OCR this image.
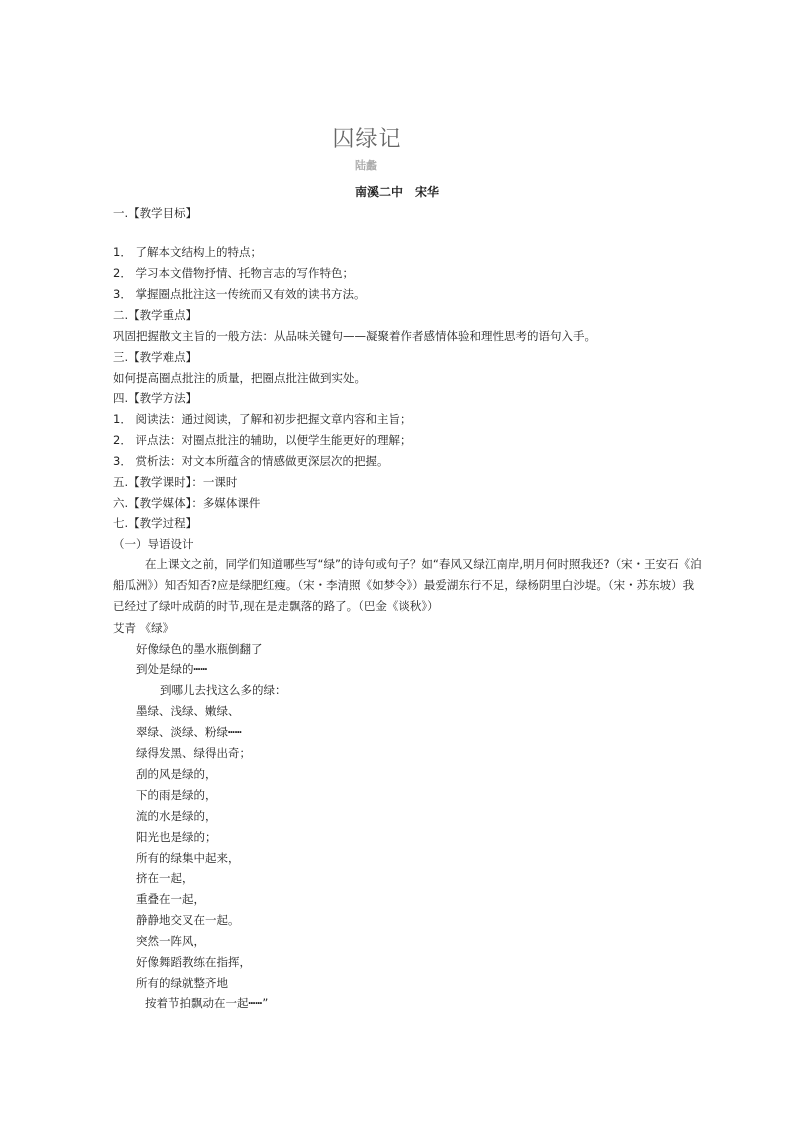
囚绿记
陆蠡
南溪二中　宋华
一.【教学目标】
1． 了解本文结构上的特点；
2． 学习本文借物抒情、托物言志的写作特色；
3． 掌握圈点批注这一传统而又有效的读书方法。
二.【教学重点】
巩固把握散文主旨的一般方法：从品味关键句——凝聚着作者感情体验和理性思考的语句入手。
三.【教学难点】
如何提高圈点批注的质量，把圈点批注做到实处。
四.【教学方法】
1． 阅读法：通过阅读，了解和初步把握文章内容和主旨；
2． 评点法：对圈点批注的辅助，以便学生能更好的理解；
3． 赏析法：对文本所蕴含的情感做更深层次的把握。
五.【教学课时】：一课时
六.【教学媒体】：多媒体课件
七.【教学过程】
（一）导语设计
在上课文之前，同学们知道哪些写“绿”的诗句或句子？如“春风又绿江南岸,明月何时照我还?（宋・王安石《泊船瓜洲》）知否知否?应是绿肥红瘦。（宋・李清照《如梦令》）最爱湖东行不足，绿杨阴里白沙堤。（宋・苏东坡）我已经过了绿叶成荫的时节,现在是走飘落的路了。（巴金《谈秋》）
艾青 《绿》
好像绿色的墨水瓶倒翻了
到处是绿的┅┅
到哪儿去找这么多的绿：
墨绿、浅绿、嫩绿、
翠绿、淡绿、粉绿┅┅
绿得发黑、绿得出奇；
刮的风是绿的，
下的雨是绿的，
流的水是绿的，
阳光也是绿的；
所有的绿集中起来，
挤在一起，
重叠在一起，
静静地交叉在一起。
突然一阵风，
好像舞蹈教练在指挥，
所有的绿就整齐地
按着节拍飘动在一起┅┅”
